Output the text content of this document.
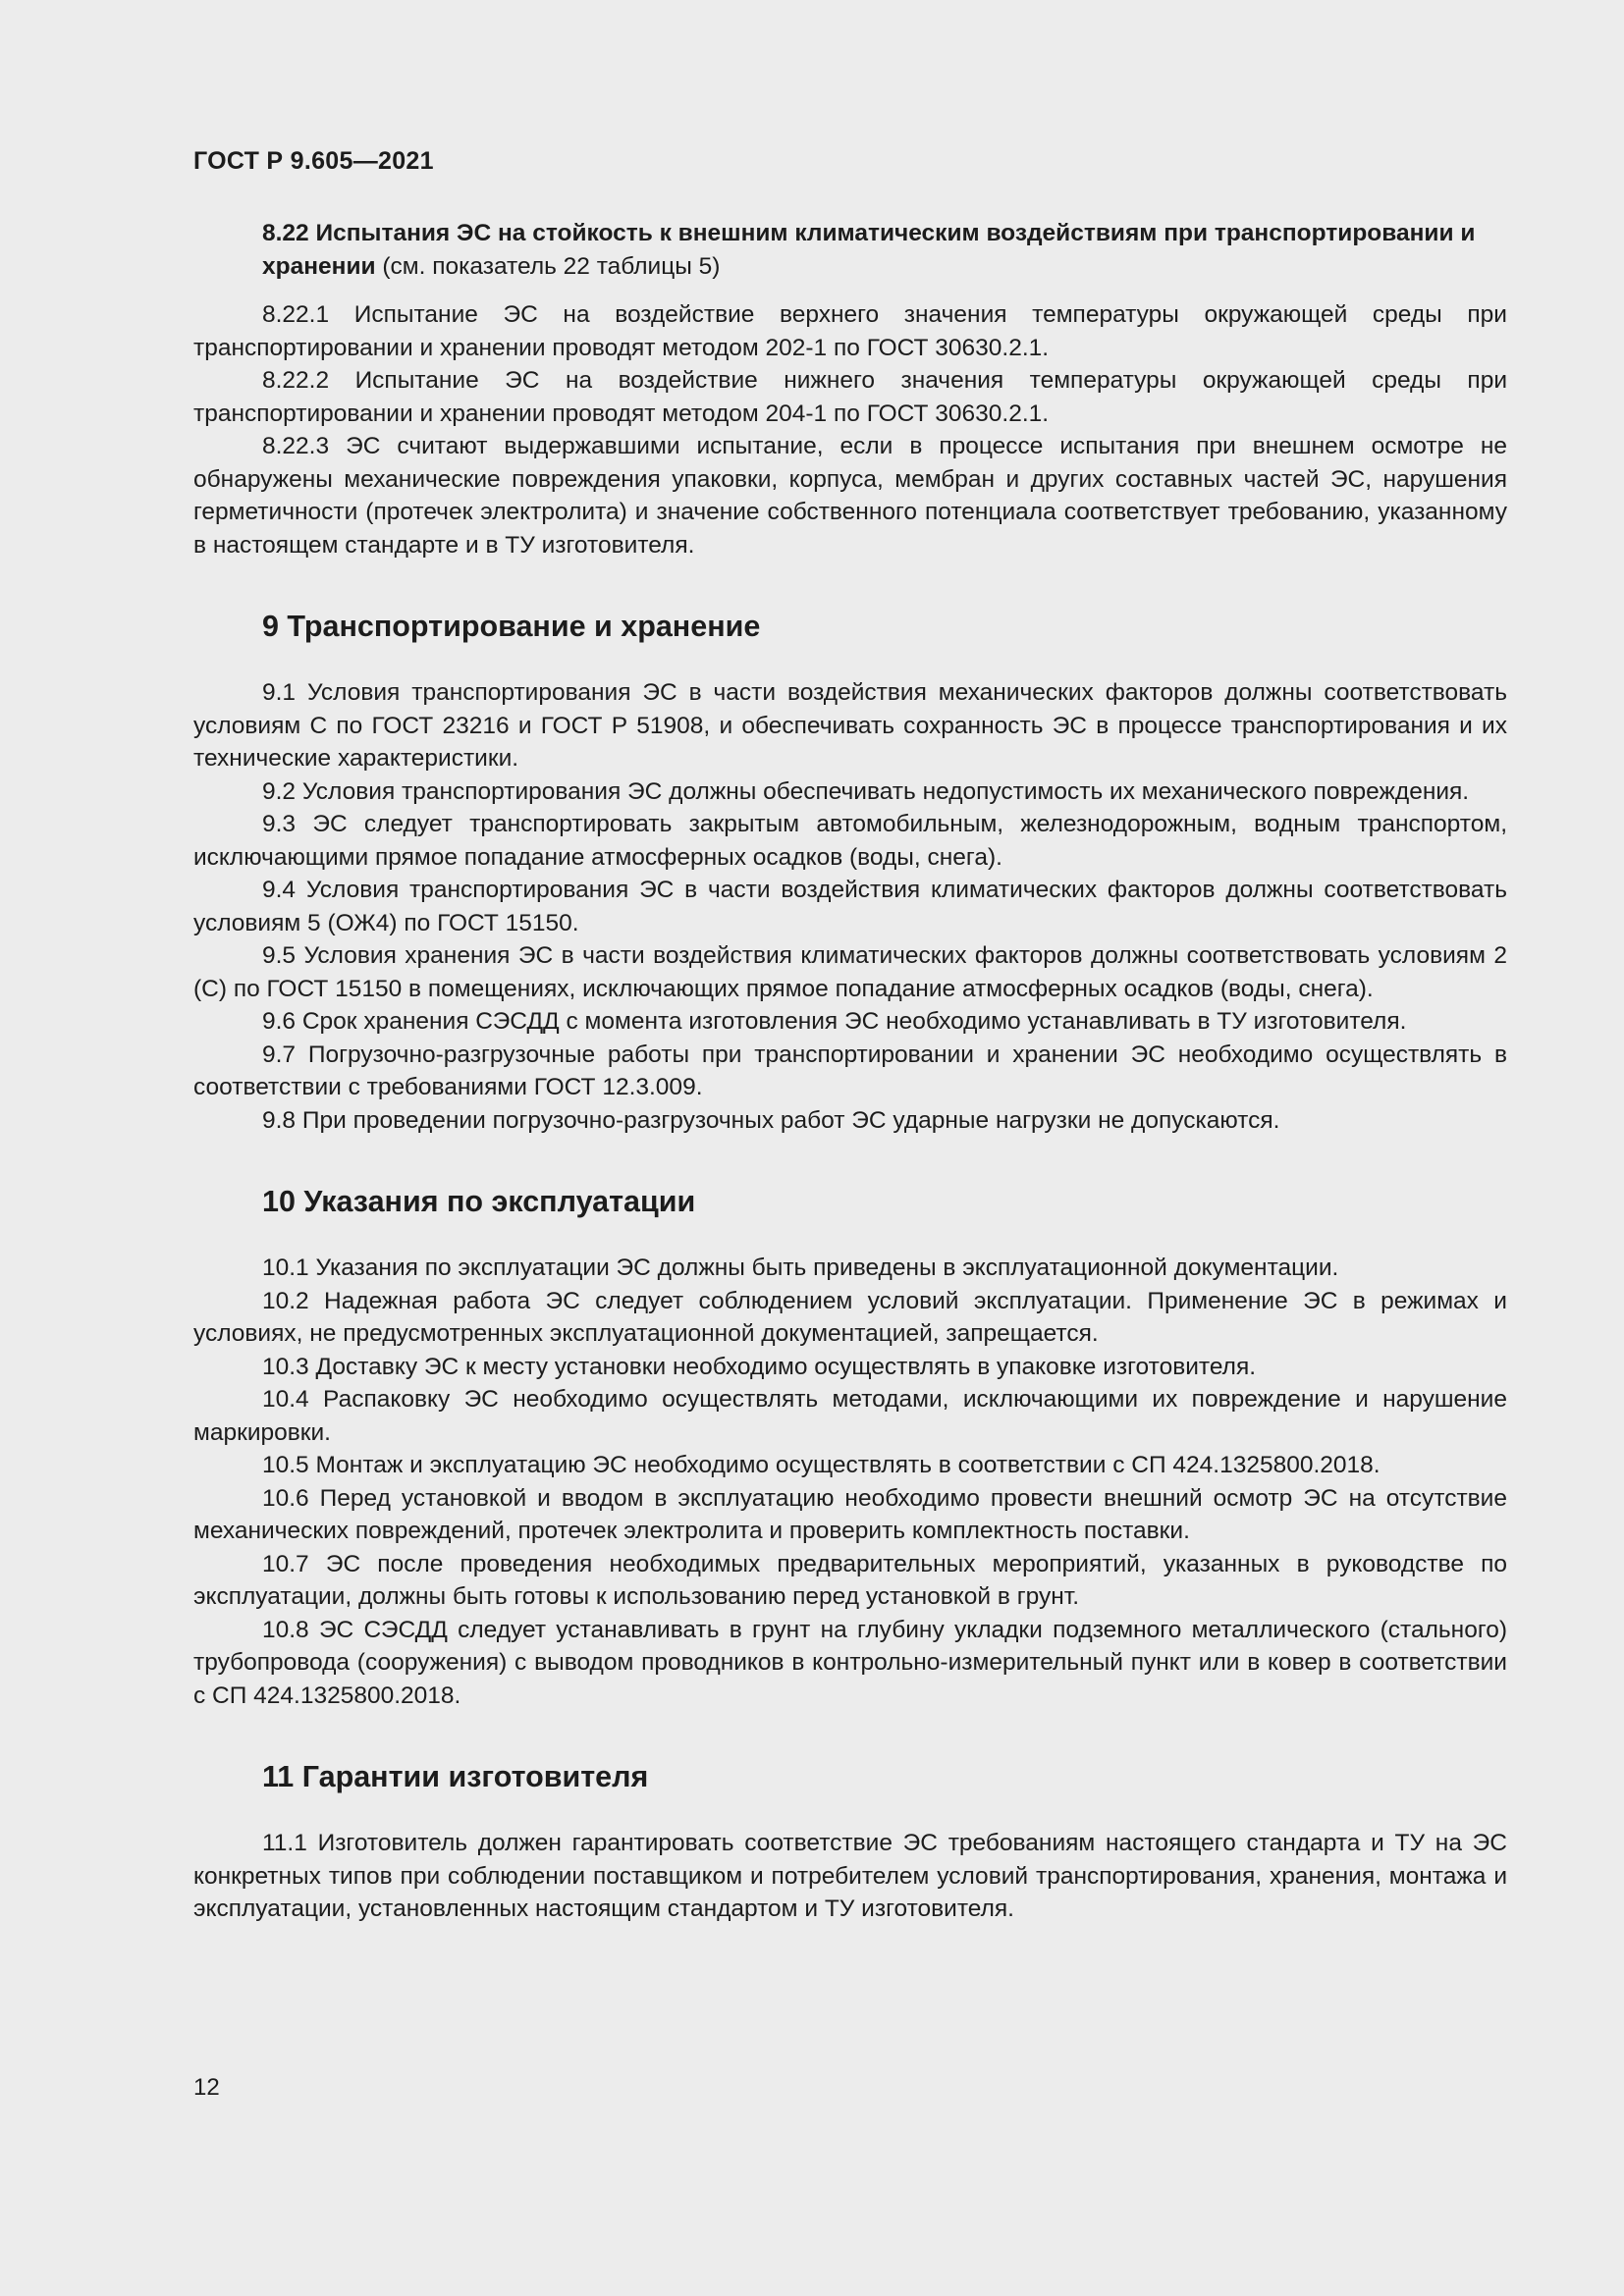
ГОСТ Р 9.605—2021
8.22 Испытания ЭС на стойкость к внешним климатическим воздействиям при транспортировании и хранении (см. показатель 22 таблицы 5)

8.22.1 Испытание ЭС на воздействие верхнего значения температуры окружающей среды при транспортировании и хранении проводят методом 202-1 по ГОСТ 30630.2.1.

8.22.2 Испытание ЭС на воздействие нижнего значения температуры окружающей среды при транспортировании и хранении проводят методом 204-1 по ГОСТ 30630.2.1.

8.22.3 ЭС считают выдержавшими испытание, если в процессе испытания при внешнем осмотре не обнаружены механические повреждения упаковки, корпуса, мембран и других составных частей ЭС, нарушения герметичности (протечек электролита) и значение собственного потенциала соответствует требованию, указанному в настоящем стандарте и в ТУ изготовителя.

9 Транспортирование и хранение

9.1 Условия транспортирования ЭС в части воздействия механических факторов должны соответствовать условиям С по ГОСТ 23216 и ГОСТ Р 51908, и обеспечивать сохранность ЭС в процессе транспортирования и их технические характеристики.

9.2 Условия транспортирования ЭС должны обеспечивать недопустимость их механического повреждения.

9.3 ЭС следует транспортировать закрытым автомобильным, железнодорожным, водным транспортом, исключающими прямое попадание атмосферных осадков (воды, снега).

9.4 Условия транспортирования ЭС в части воздействия климатических факторов должны соответствовать условиям 5 (ОЖ4) по ГОСТ 15150.

9.5 Условия хранения ЭС в части воздействия климатических факторов должны соответствовать условиям 2 (С) по ГОСТ 15150 в помещениях, исключающих прямое попадание атмосферных осадков (воды, снега).

9.6 Срок хранения СЭСДД с момента изготовления ЭС необходимо устанавливать в ТУ изготовителя.

9.7 Погрузочно-разгрузочные работы при транспортировании и хранении ЭС необходимо осуществлять в соответствии с требованиями ГОСТ 12.3.009.

9.8 При проведении погрузочно-разгрузочных работ ЭС ударные нагрузки не допускаются.

10 Указания по эксплуатации

10.1 Указания по эксплуатации ЭС должны быть приведены в эксплуатационной документации.

10.2 Надежная работа ЭС следует соблюдением условий эксплуатации. Применение ЭС в режимах и условиях, не предусмотренных эксплуатационной документацией, запрещается.

10.3 Доставку ЭС к месту установки необходимо осуществлять в упаковке изготовителя.

10.4 Распаковку ЭС необходимо осуществлять методами, исключающими их повреждение и нарушение маркировки.

10.5 Монтаж и эксплуатацию ЭС необходимо осуществлять в соответствии с СП 424.1325800.2018.

10.6 Перед установкой и вводом в эксплуатацию необходимо провести внешний осмотр ЭС на отсутствие механических повреждений, протечек электролита и проверить комплектность поставки.

10.7 ЭС после проведения необходимых предварительных мероприятий, указанных в руководстве по эксплуатации, должны быть готовы к использованию перед установкой в грунт.

10.8 ЭС СЭСДД следует устанавливать в грунт на глубину укладки подземного металлического (стального) трубопровода (сооружения) с выводом проводников в контрольно-измерительный пункт или в ковер в соответствии с СП 424.1325800.2018.

11 Гарантии изготовителя

11.1 Изготовитель должен гарантировать соответствие ЭС требованиям настоящего стандарта и ТУ на ЭС конкретных типов при соблюдении поставщиком и потребителем условий транспортирования, хранения, монтажа и эксплуатации, установленных настоящим стандартом и ТУ изготовителя.

12
